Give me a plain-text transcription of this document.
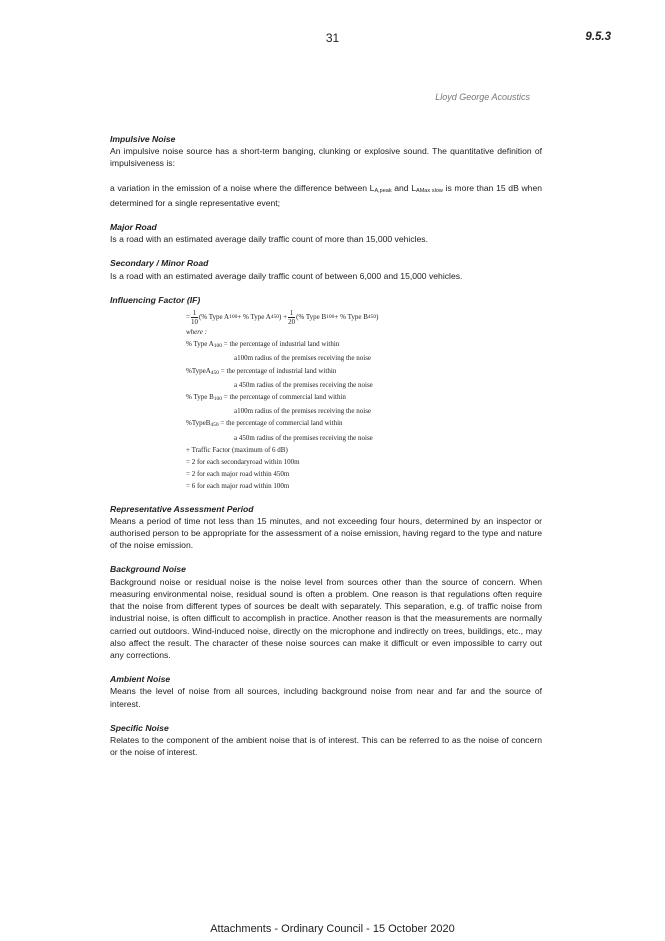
31	9.5.3
Lloyd George Acoustics

Impulsive Noise

An impulsive noise source has a short-term banging, clunking or explosive sound. The quantitative definition of impulsiveness is:

a variation in the emission of a noise where the difference between $L_{A,peak}$ and $L_{AMax slow}$ is more than 15 dB when determined for a single representative event;

Major Road

Is a road with an estimated average daily traffic count of more than 15,000 vehicles.

Secondary / Minor Road

Is a road with an estimated average daily traffic count of between 6,000 and 15,000 vehicles.

Influencing Factor (IF)

= $\frac{1}{10}$ (% Type A 100 + % Type A 450 ) + $\frac{1}{20}$ (% Type B 100 + % Type B 450 )
where :
% Type $A_{100}$ = the percentage of industrial land within
a100m radius of the premises receiving the noise
%TypeA$_{450}$ = the percentage of industrial land within
a 450m radius of the premises receiving the noise
% Type $B_{100}$ = the percentage of commercial land within
a100m radius of the premises receiving the noise
%TypeB$_{450}$ = the percentage of commercial land within
a 450m radius of the premises receiving the noise
+ Traffic Factor (maximum of 6 dB)
= 2 for each secondaryroad within 100m
= 2 for each major road within 450m
= 6 for each major road within 100m

Representative Assessment Period

Means a period of time not less than 15 minutes, and not exceeding four hours, determined by an inspector or authorised person to be appropriate for the assessment of a noise emission, having regard to the type and nature of the noise emission.

Background Noise

Background noise or residual noise is the noise level from sources other than the source of concern. When measuring environmental noise, residual sound is often a problem. One reason is that regulations often require that the noise from different types of sources be dealt with separately. This separation, e.g. of traffic noise from industrial noise, is often difficult to accomplish in practice. Another reason is that the measurements are normally carried out outdoors. Wind-induced noise, directly on the microphone and indirectly on trees, buildings, etc., may also affect the result. The character of these noise sources can make it difficult or even impossible to carry out any corrections.

Ambient Noise

Means the level of noise from all sources, including background noise from near and far and the source of interest.

Specific Noise

Relates to the component of the ambient noise that is of interest. This can be referred to as the noise of concern or the noise of interest.

Attachments - Ordinary Council - 15 October 2020
